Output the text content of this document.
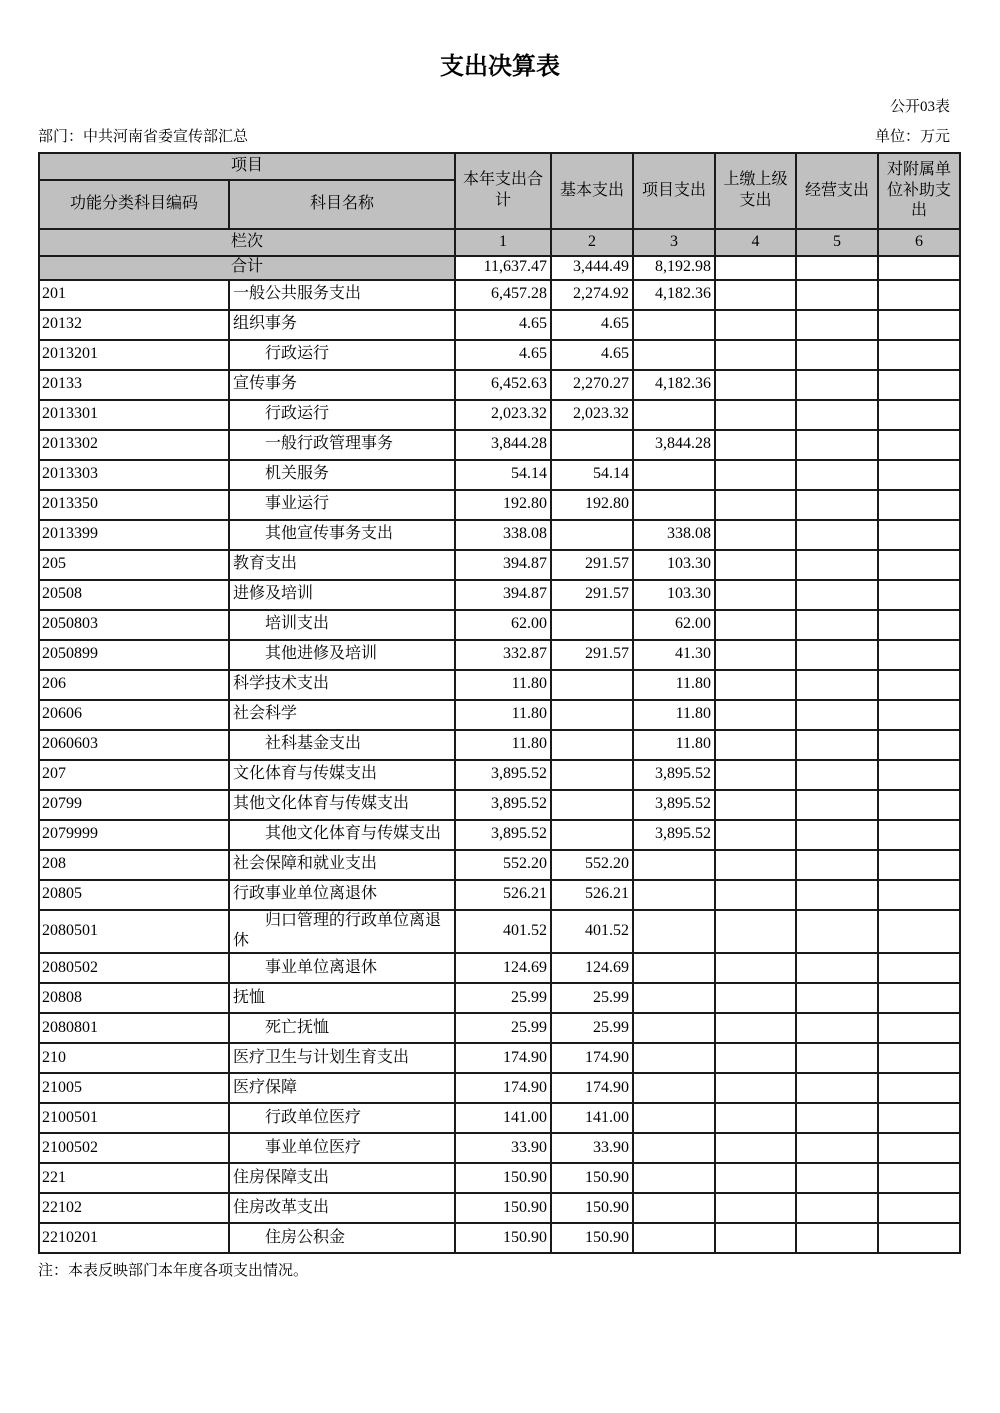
支出决算表
公开03表
部门：中共河南省委宣传部汇总	单位：万元
项目		本年支出合计	基本支出	项目支出	上缴上级支出	经营支出	对附属单位补助支出
功能分类科目编码	科目名称						
栏次		1	2	3	4	5	6
合计		11,637.47	3,444.49	8,192.98			
201	一般公共服务支出	6,457.28	2,274.92	4,182.36			
20132	组织事务	4.65	4.65				
2013201	行政运行	4.65	4.65				
20133	宣传事务	6,452.63	2,270.27	4,182.36			
2013301	行政运行	2,023.32	2,023.32				
2013302	一般行政管理事务	3,844.28		3,844.28			
2013303	机关服务	54.14	54.14				
2013350	事业运行	192.80	192.80				
2013399	其他宣传事务支出	338.08		338.08			
205	教育支出	394.87	291.57	103.30			
20508	进修及培训	394.87	291.57	103.30			
2050803	培训支出	62.00		62.00			
2050899	其他进修及培训	332.87	291.57	41.30			
206	科学技术支出	11.80		11.80			
20606	社会科学	11.80		11.80			
2060603	社科基金支出	11.80		11.80			
207	文化体育与传媒支出	3,895.52		3,895.52			
20799	其他文化体育与传媒支出	3,895.52		3,895.52			
2079999	其他文化体育与传媒支出	3,895.52		3,895.52			
208	社会保障和就业支出	552.20	552.20				
20805	行政事业单位离退休	526.21	526.21				
2080501	归口管理的行政单位离退休	401.52	401.52				
2080502	事业单位离退休	124.69	124.69				
20808	抚恤	25.99	25.99				
2080801	死亡抚恤	25.99	25.99				
210	医疗卫生与计划生育支出	174.90	174.90				
21005	医疗保障	174.90	174.90				
2100501	行政单位医疗	141.00	141.00				
2100502	事业单位医疗	33.90	33.90				
221	住房保障支出	150.90	150.90				
22102	住房改革支出	150.90	150.90				
2210201	住房公积金	150.90	150.90				
注：本表反映部门本年度各项支出情况。
